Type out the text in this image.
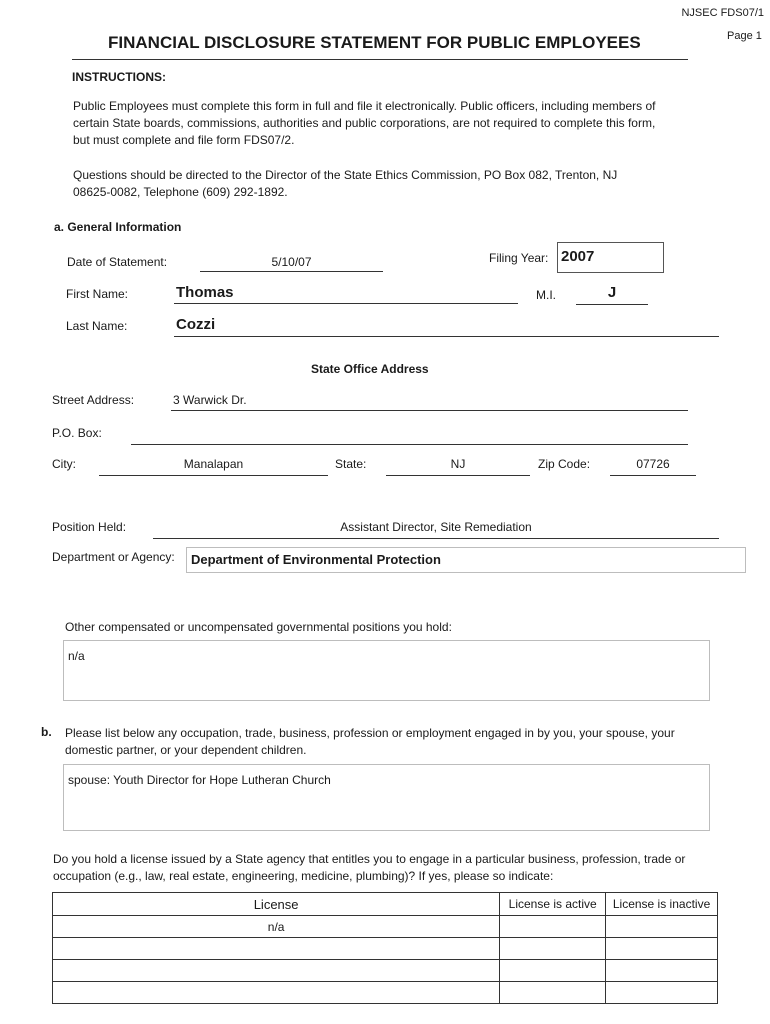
NJSEC FDS07/1
Page 1
FINANCIAL DISCLOSURE STATEMENT FOR PUBLIC EMPLOYEES
INSTRUCTIONS:
Public Employees must complete this form in full and file it electronically. Public officers, including members of
certain State boards, commissions, authorities and public corporations, are not required to complete this form,
but must complete and file form FDS07/2.
Questions should be directed to the Director of the State Ethics Commission, PO Box 082, Trenton, NJ
08625-0082, Telephone (609) 292-1892.
a. General Information
Date of Statement:	5/10/07	Filing Year: 2007
First Name:	Thomas	M.I.	J
Last Name:	Cozzi
State Office Address
Street Address:	3 Warwick Dr.
P.O. Box:
City:	Manalapan	State:	NJ	Zip Code:	07726
Position Held:	Assistant Director, Site Remediation
Department or Agency:	Department of Environmental Protection
Other compensated or uncompensated governmental positions you hold:
n/a
b. Please list below any occupation, trade, business, profession or employment engaged in by you, your spouse, your
domestic partner, or your dependent children.
spouse: Youth Director for Hope Lutheran Church
Do you hold a license issued by a State agency that entitles you to engage in a particular business, profession, trade or
occupation (e.g., law, real estate, engineering, medicine, plumbing)? If yes, please so indicate:
License	License is active	License is inactive
n/a		
